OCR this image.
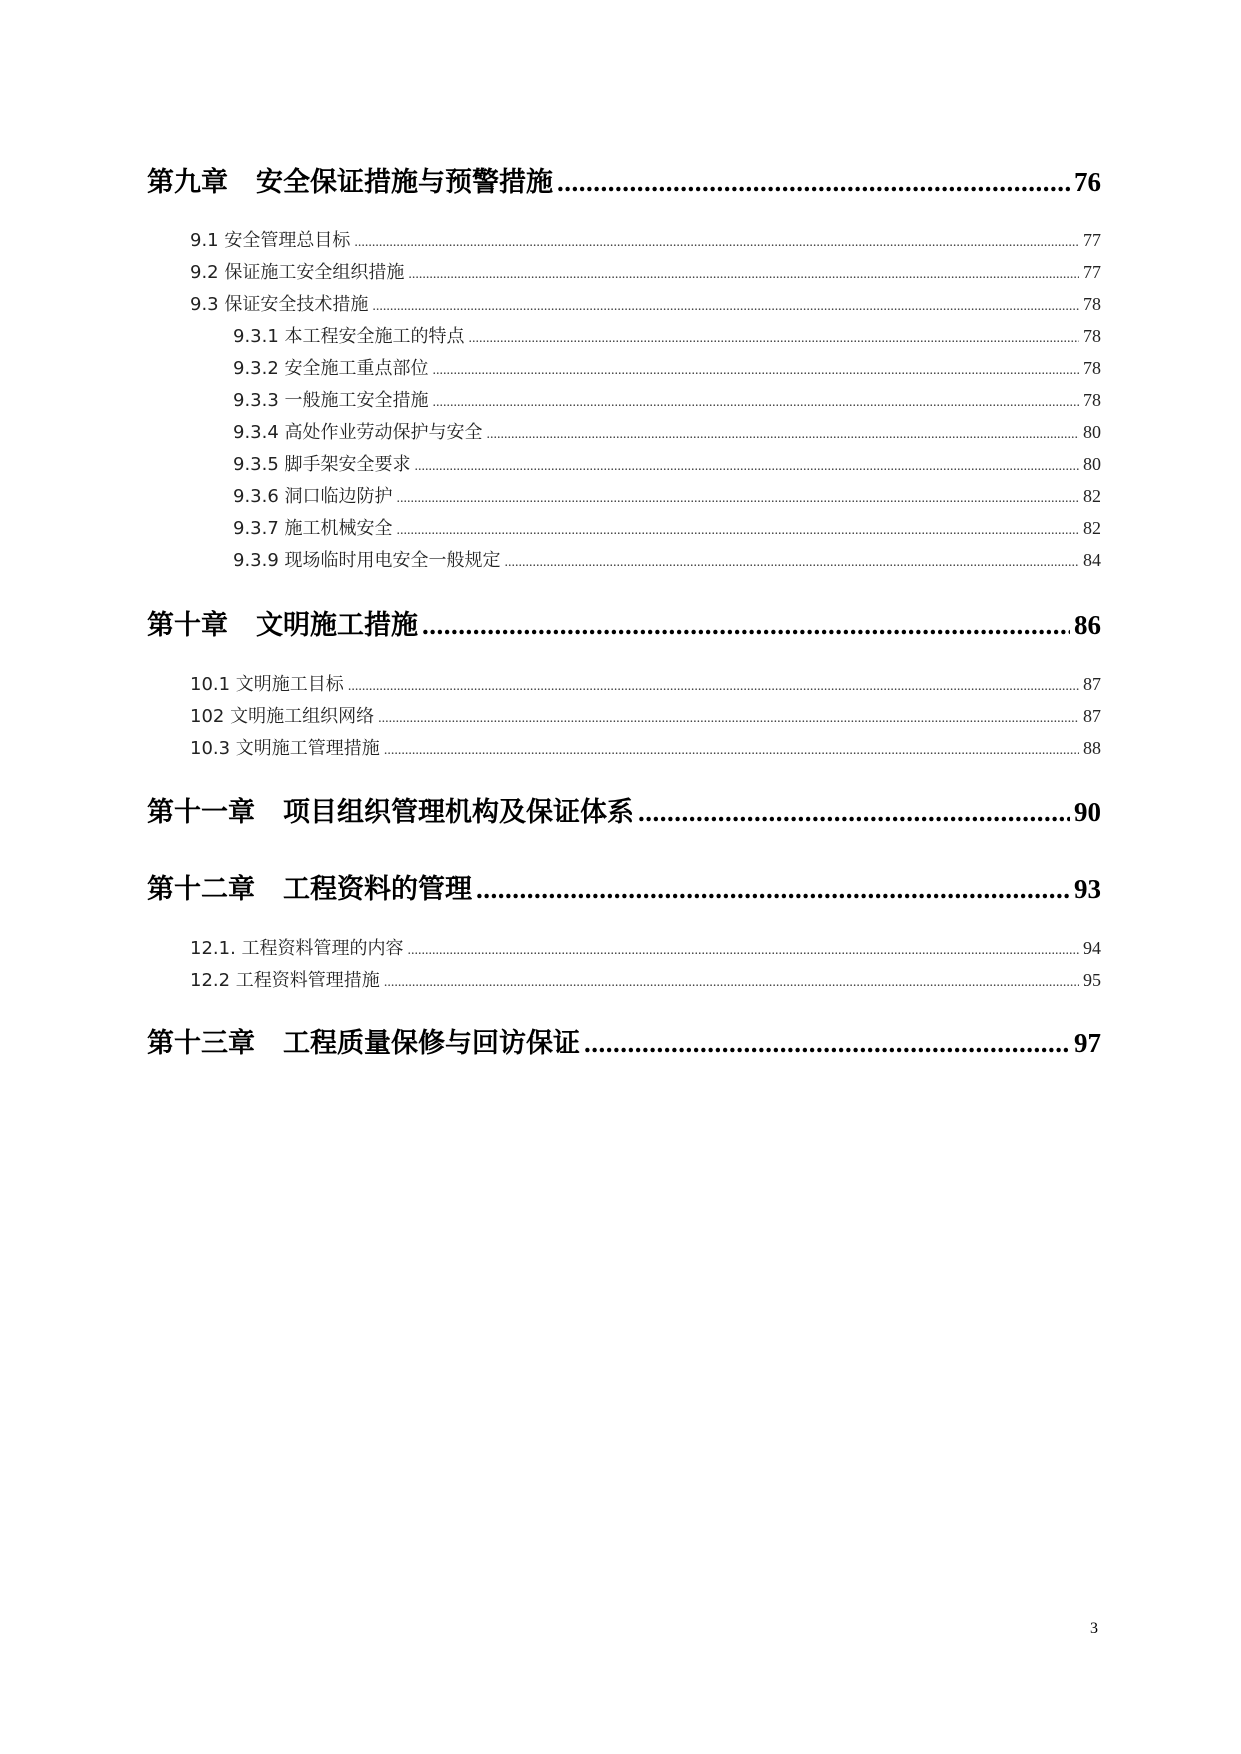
第九章 安全保证措施与预警措施 .....	76
9.1 安全管理总目标 .....	77
9.2 保证施工安全组织措施 .....	77
9.3 保证安全技术措施 .....	78
9.3.1 本工程安全施工的特点 .....	78
9.3.2 安全施工重点部位 .....	78
9.3.3 一般施工安全措施 .....	78
9.3.4 高处作业劳动保护与安全 .....	80
9.3.5 脚手架安全要求 .....	80
9.3.6 洞口临边防护 .....	82
9.3.7 施工机械安全 .....	82
9.3.9 现场临时用电安全一般规定 .....	84
第十章 文明施工措施 .....	86
10.1 文明施工目标 .....	87
102 文明施工组织网络 .....	87
10.3 文明施工管理措施 .....	88
第十一章 项目组织管理机构及保证体系 .....	90
第十二章 工程资料的管理 .....	93
12.1. 工程资料管理的内容 .....	94
12.2 工程资料管理措施 .....	95
第十三章 工程质量保修与回访保证 .....	97
3
